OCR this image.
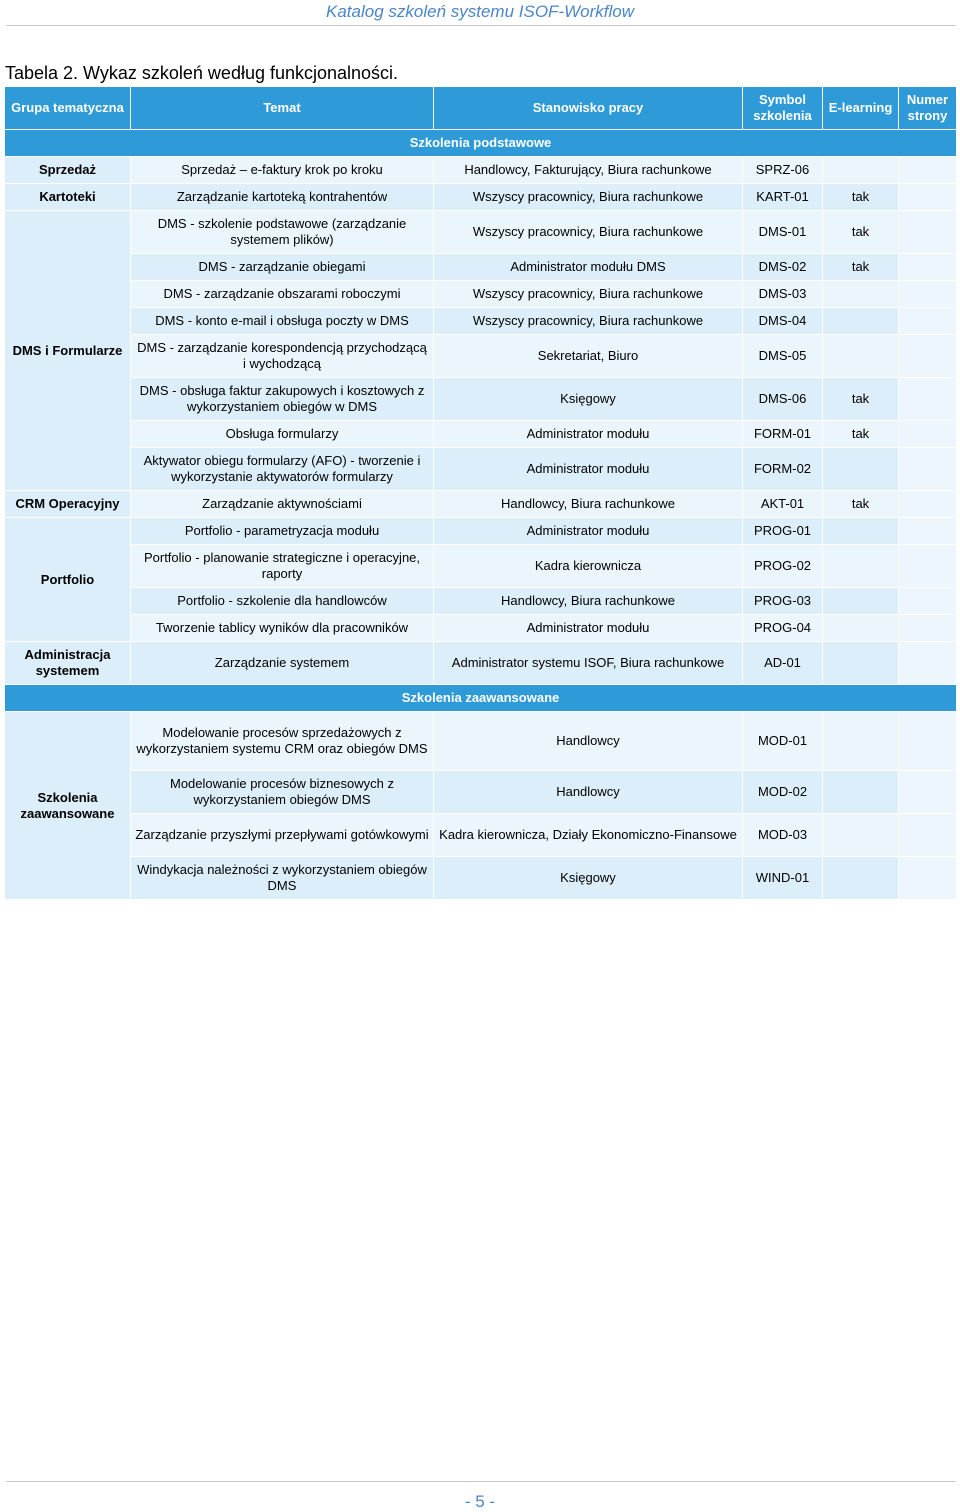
Katalog szkoleń systemu ISOF-Workflow
Tabela 2. Wykaz szkoleń według funkcjonalności.
Grupa tematyczna	Temat	Stanowisko pracy	Symbol szkolenia	E-learning	Numer strony
Szkolenia podstawowe					
Sprzedaż	Sprzedaż – e-faktury krok po kroku	Handlowcy, Fakturujący, Biura rachunkowe	SPRZ-06		
Kartoteki	Zarządzanie kartoteką kontrahentów	Wszyscy pracownicy, Biura rachunkowe	KART-01	tak	
DMS i Formularze	DMS - szkolenie podstawowe (zarządzanie systemem plików)	Wszyscy pracownicy, Biura rachunkowe	DMS-01	tak	
	DMS - zarządzanie obiegami	Administrator modułu DMS	DMS-02	tak	
	DMS - zarządzanie obszarami roboczymi	Wszyscy pracownicy, Biura rachunkowe	DMS-03		
	DMS - konto e-mail i obsługa poczty w DMS	Wszyscy pracownicy, Biura rachunkowe	DMS-04		
	DMS - zarządzanie korespondencją przychodzącą i wychodzącą	Sekretariat, Biuro	DMS-05		
	DMS - obsługa faktur zakupowych i kosztowych z wykorzystaniem obiegów w DMS	Księgowy	DMS-06	tak	
	Obsługa formularzy	Administrator modułu	FORM-01	tak	
	Aktywator obiegu formularzy (AFO) - tworzenie i wykorzystanie aktywatorów formularzy	Administrator modułu	FORM-02		
CRM Operacyjny	Zarządzanie aktywnościami	Handlowcy, Biura rachunkowe	AKT-01	tak	
Portfolio	Portfolio - parametryzacja modułu	Administrator modułu	PROG-01		
	Portfolio - planowanie strategiczne i operacyjne, raporty	Kadra kierownicza	PROG-02		
	Portfolio - szkolenie dla handlowców	Handlowcy, Biura rachunkowe	PROG-03		
	Tworzenie tablicy wyników dla pracowników	Administrator modułu	PROG-04		
Administracja systemem	Zarządzanie systemem	Administrator systemu ISOF, Biura rachunkowe	AD-01		
Szkolenia zaawansowane					
Szkolenia zaawansowane	Modelowanie procesów sprzedażowych z wykorzystaniem systemu CRM oraz obiegów DMS	Handlowcy	MOD-01		
	Modelowanie procesów biznesowych z wykorzystaniem obiegów DMS	Handlowcy	MOD-02		
	Zarządzanie przyszłymi przepływami gotówkowymi	Kadra kierownicza, Działy Ekonomiczno-Finansowe	MOD-03		
	Windykacja należności z wykorzystaniem obiegów DMS	Księgowy	WIND-01		
- 5 -
